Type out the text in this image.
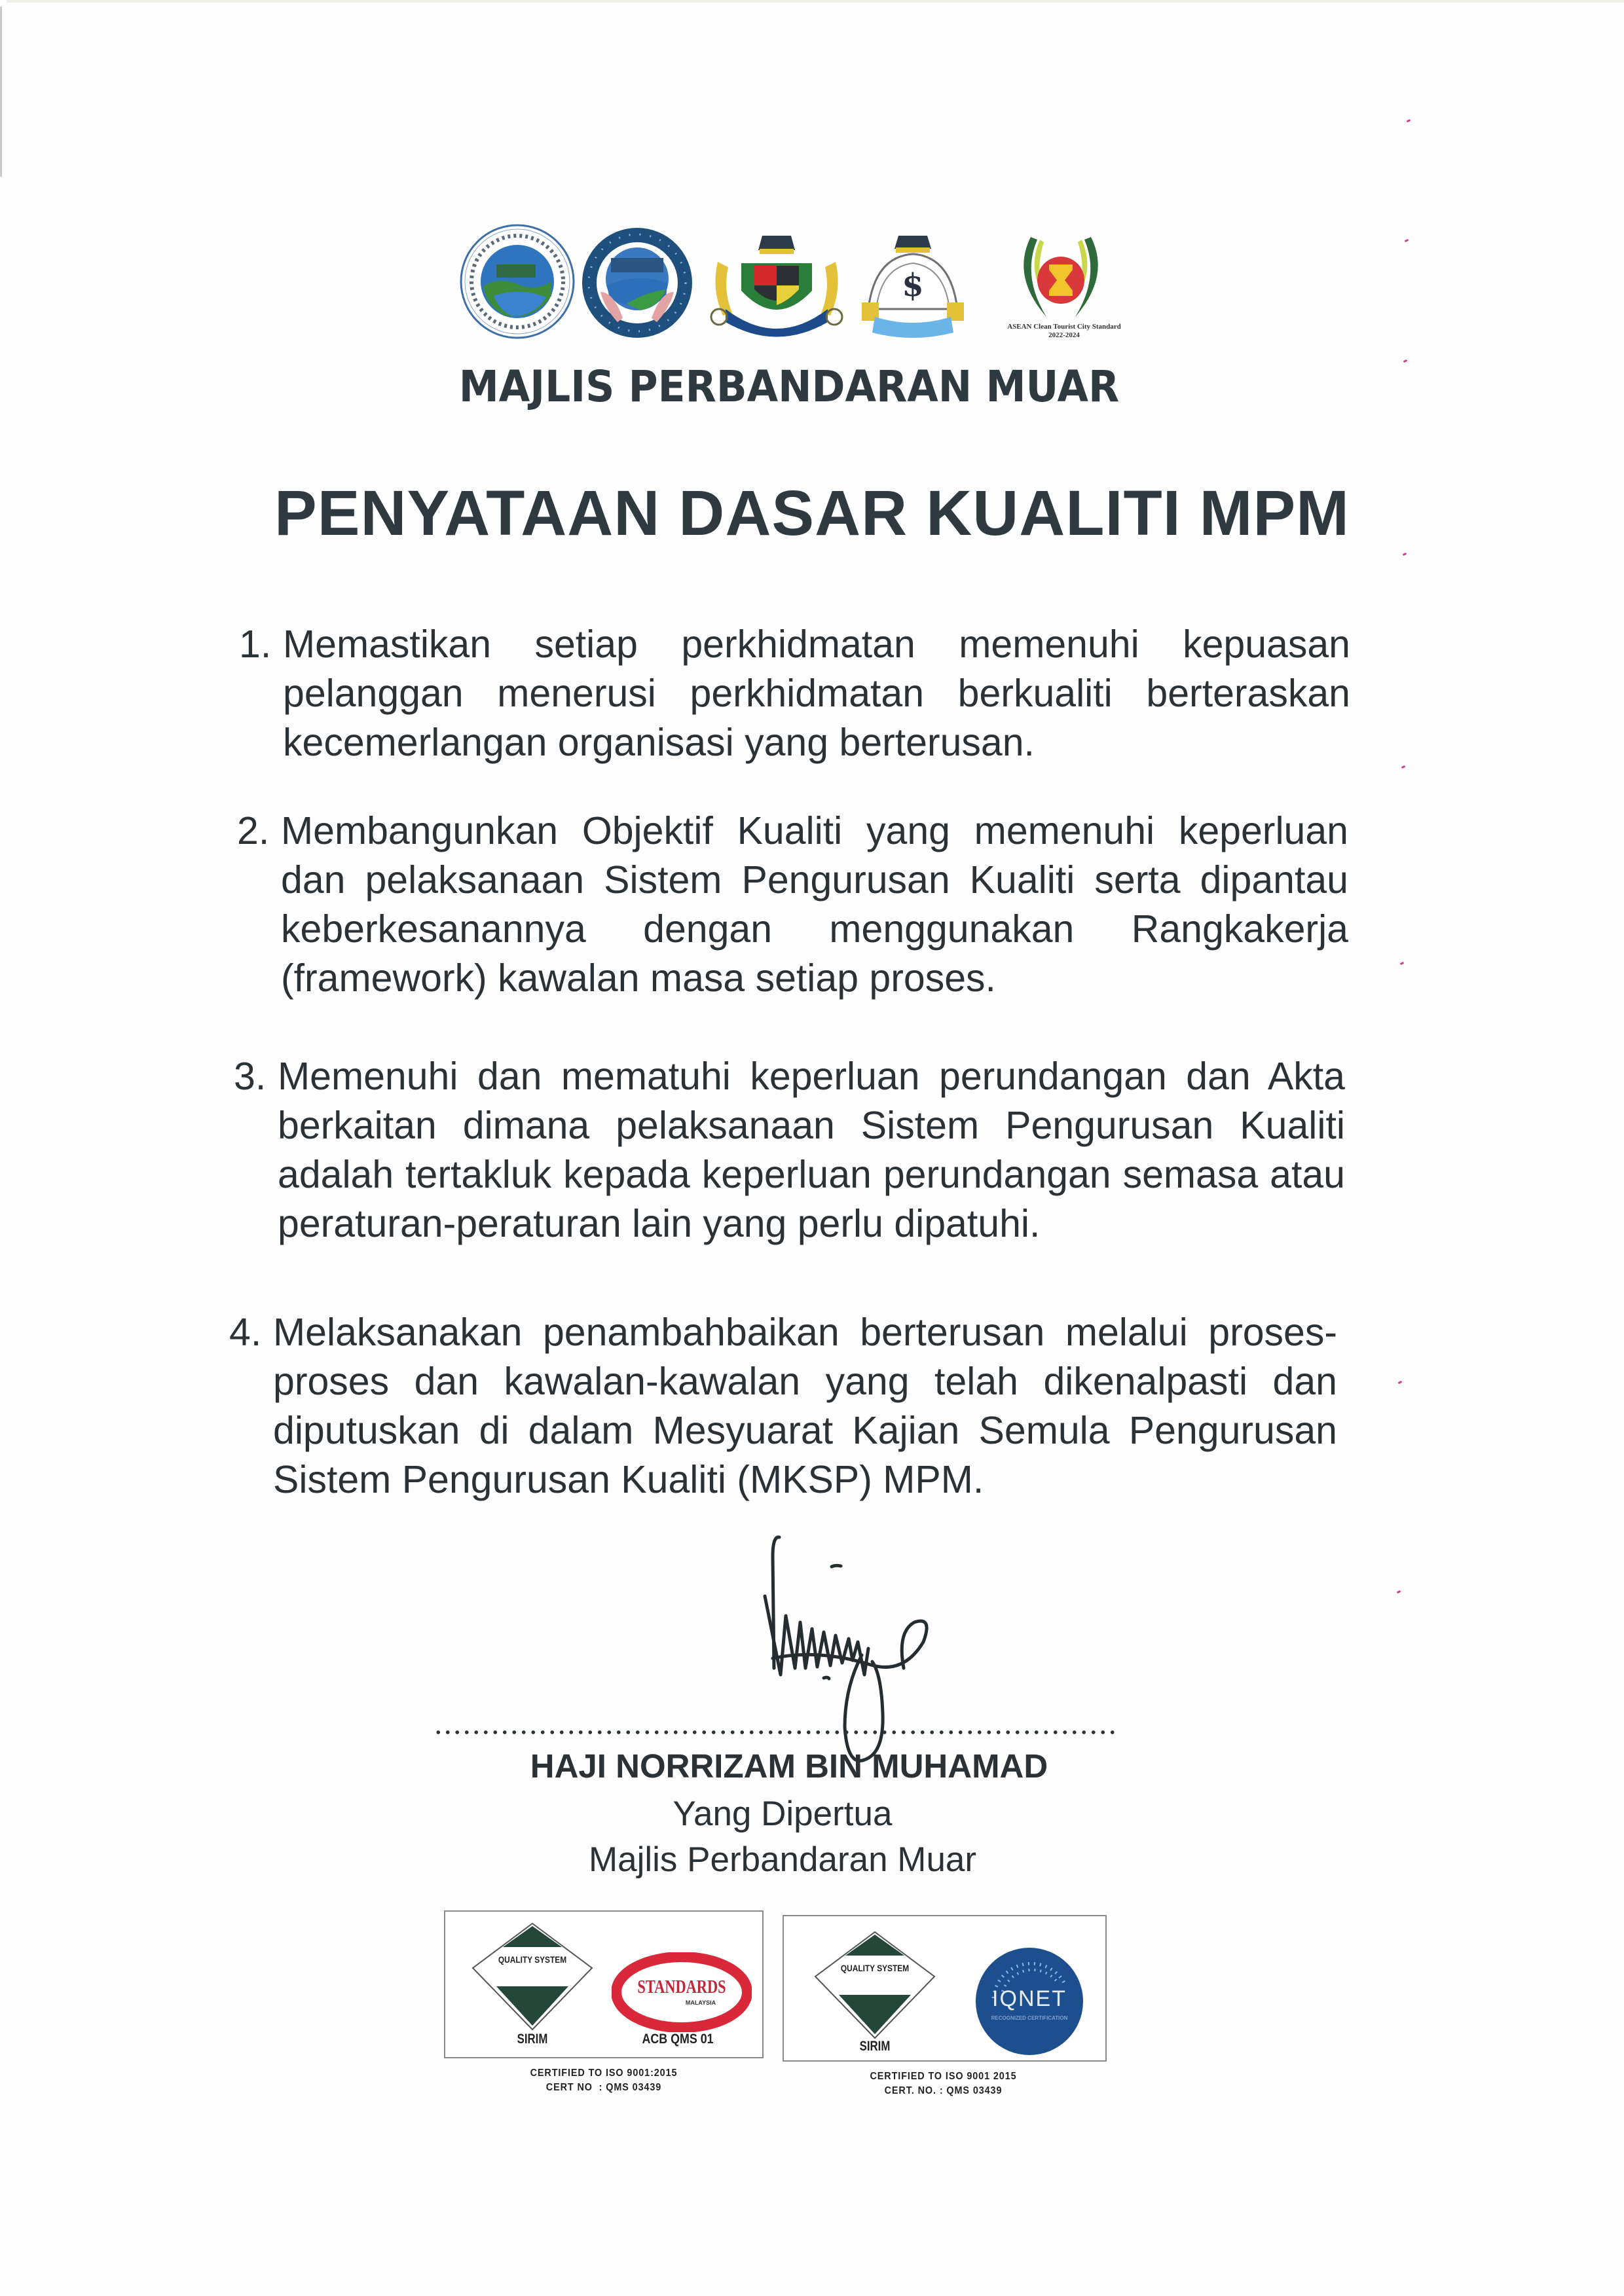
$
ASEAN Clean Tourist City Standard
2022-2024
MAJLIS PERBANDARAN MUAR
PENYATAAN DASAR KUALITI MPM
1. Memastikan setiap perkhidmatan memenuhi kepuasan pelanggan menerusi perkhidmatan berkualiti berteraskan kecemerlangan organisasi yang berterusan.
2. Membangunkan Objektif Kualiti yang memenuhi keperluan dan pelaksanaan Sistem Pengurusan Kualiti serta dipantau keberkesanannya dengan menggunakan Rangkakerja (framework) kawalan masa setiap proses.
3. Memenuhi dan mematuhi keperluan perundangan dan Akta berkaitan dimana pelaksanaan Sistem Pengurusan Kualiti adalah tertakluk kepada keperluan perundangan semasa atau peraturan-peraturan lain yang perlu dipatuhi.
4. Melaksanakan penambahbaikan berterusan melalui proses-proses dan kawalan-kawalan yang telah dikenalpasti dan diputuskan di dalam Mesyuarat Kajian Semula Pengurusan Sistem Pengurusan Kualiti (MKSP) MPM.
HAJI NORRIZAM BIN MUHAMAD
Yang Dipertua
Majlis Perbandaran Muar
QUALITY SYSTEM
SIRIM
STANDARDS
MALAYSIA
ACB QMS 01
CERTIFIED TO ISO 9001:2015
CERT NO  : QMS 03439
QUALITY SYSTEM
SIRIM
IQNET
RECOGNIZED CERTIFICATION
CERTIFIED TO ISO 9001 2015
CERT. NO. : QMS 03439
